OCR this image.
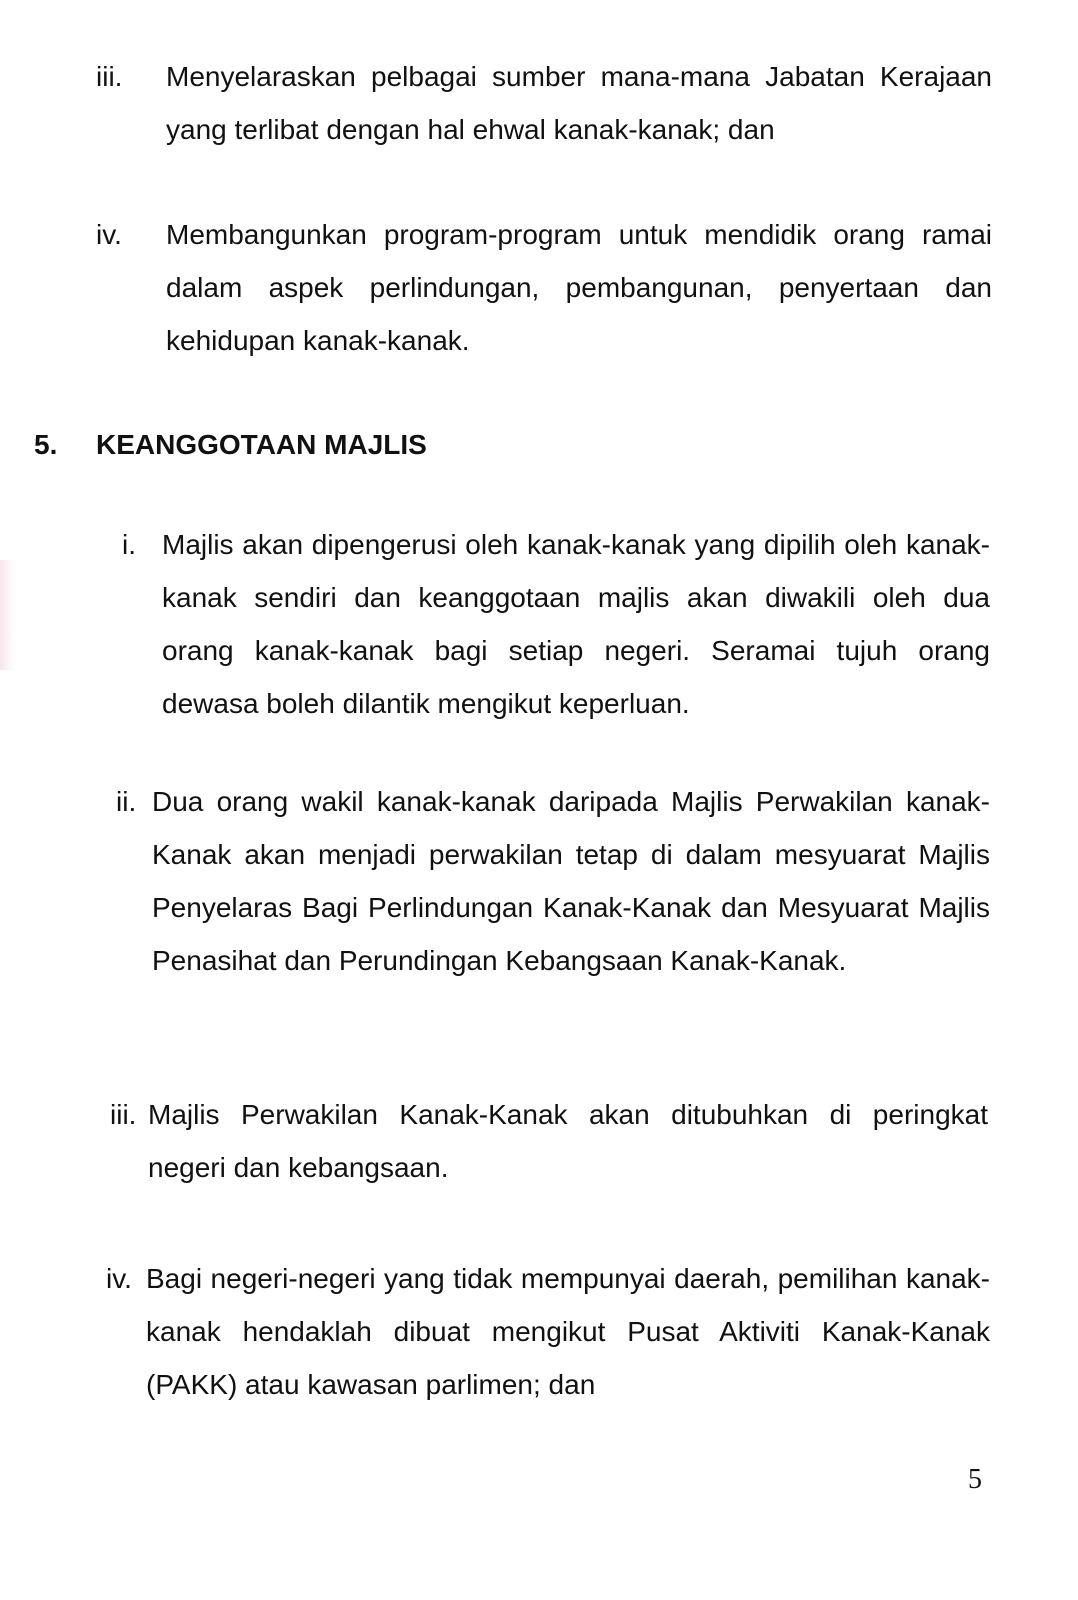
iii. Menyelaraskan pelbagai sumber mana-mana Jabatan Kerajaan yang terlibat dengan hal ehwal kanak-kanak; dan
iv. Membangunkan program-program untuk mendidik orang ramai dalam aspek perlindungan, pembangunan, penyertaan dan kehidupan kanak-kanak.
5. KEANGGOTAAN MAJLIS
i. Majlis akan dipengerusi oleh kanak-kanak yang dipilih oleh kanak-kanak sendiri dan keanggotaan majlis akan diwakili oleh dua orang kanak-kanak bagi setiap negeri. Seramai tujuh orang dewasa boleh dilantik mengikut keperluan.
ii. Dua orang wakil kanak-kanak daripada Majlis Perwakilan kanak-Kanak akan menjadi perwakilan tetap di dalam mesyuarat Majlis Penyelaras Bagi Perlindungan Kanak-Kanak dan Mesyuarat Majlis Penasihat dan Perundingan Kebangsaan Kanak-Kanak.
iii. Majlis Perwakilan Kanak-Kanak akan ditubuhkan di peringkat negeri dan kebangsaan.
iv. Bagi negeri-negeri yang tidak mempunyai daerah, pemilihan kanak-kanak hendaklah dibuat mengikut Pusat Aktiviti Kanak-Kanak (PAKK) atau kawasan parlimen; dan
5
